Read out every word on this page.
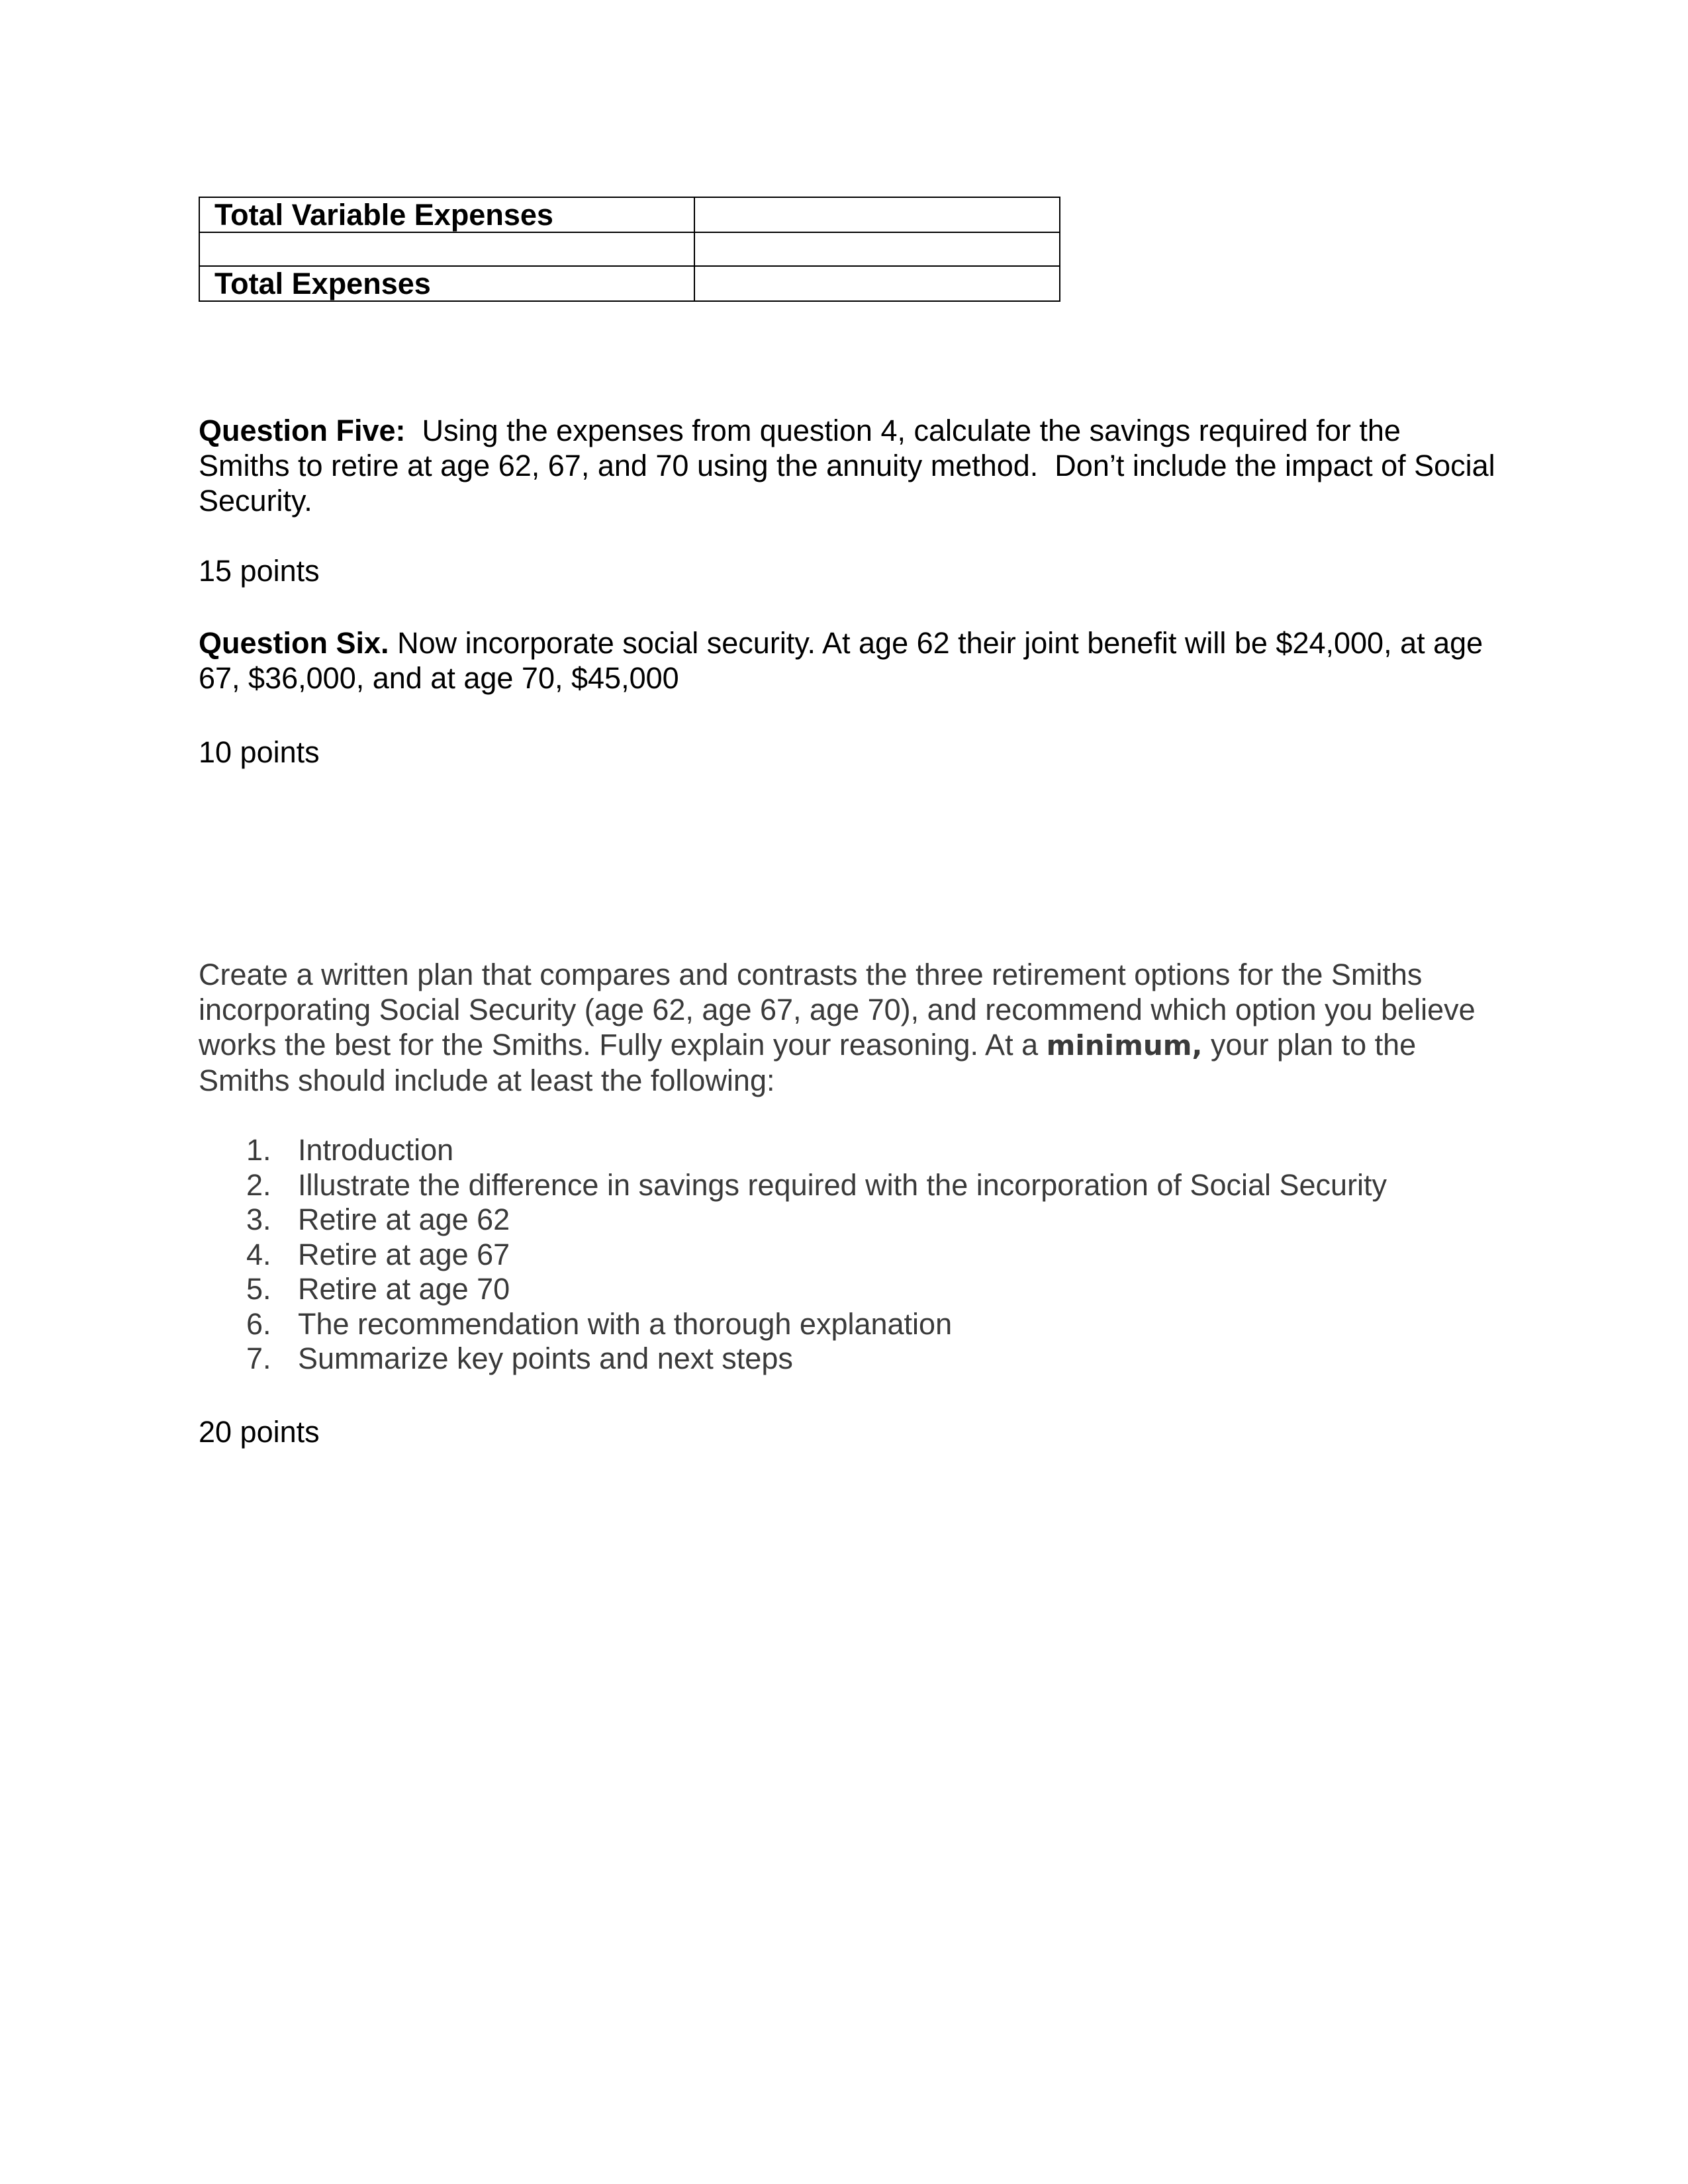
Total Variable Expenses	

Total Expenses	

Question Five:  Using the expenses from question 4, calculate the savings required for the Smiths to retire at age 62, 67, and 70 using the annuity method.  Don’t include the impact of Social Security.

15 points

Question Six. Now incorporate social security. At age 62 their joint benefit will be $24,000, at age 67, $36,000, and at age 70, $45,000

10 points

Create a written plan that compares and contrasts the three retirement options for the Smiths incorporating Social Security (age 62, age 67, age 70), and recommend which option you believe works the best for the Smiths. Fully explain your reasoning. At a minimum, your plan to the Smiths should include at least the following:

1. Introduction
2. Illustrate the difference in savings required with the incorporation of Social Security
3. Retire at age 62
4. Retire at age 67
5. Retire at age 70
6. The recommendation with a thorough explanation
7. Summarize key points and next steps

20 points
